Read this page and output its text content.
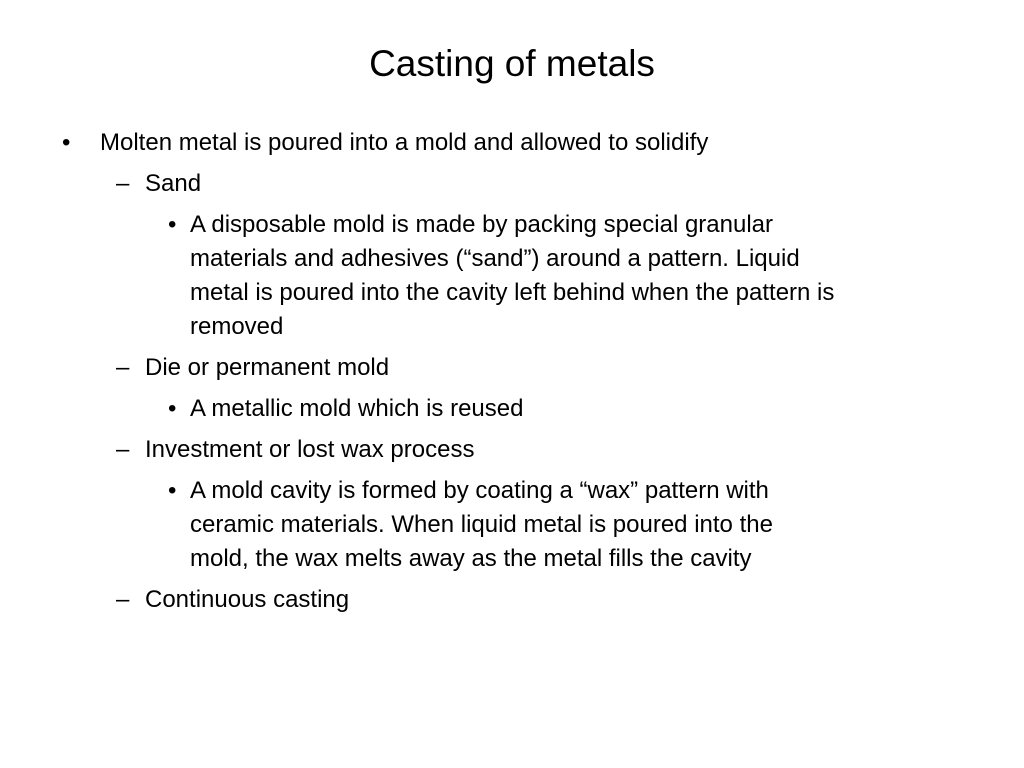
Casting of metals
• Molten metal is poured into a mold and allowed to solidify
– Sand
• A disposable mold is made by packing special granular
materials and adhesives (“sand”) around a pattern. Liquid
metal is poured into the cavity left behind when the pattern is
removed
– Die or permanent mold
• A metallic mold which is reused
– Investment or lost wax process
• A mold cavity is formed by coating a “wax” pattern with
ceramic materials. When liquid metal is poured into the
mold, the wax melts away as the metal fills the cavity
– Continuous casting
